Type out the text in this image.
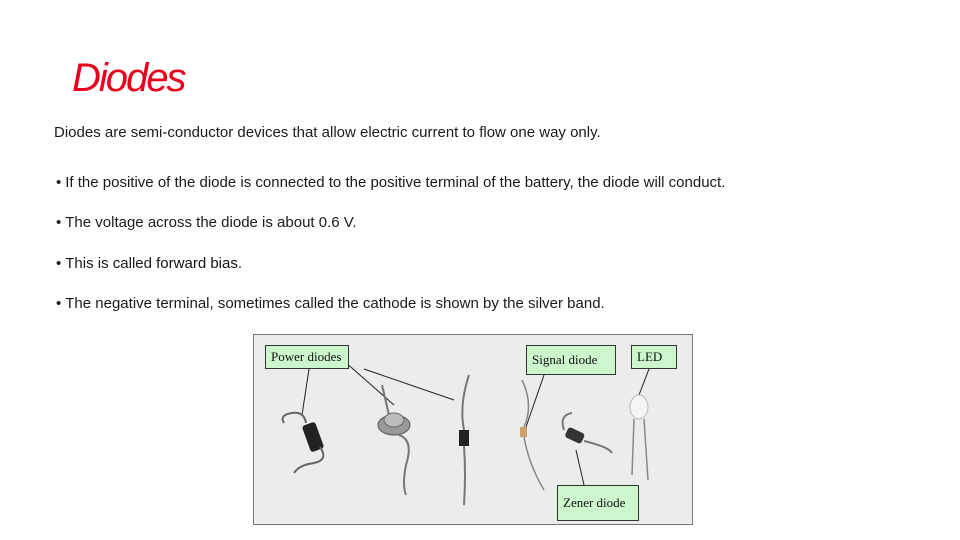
Diodes

Diodes are semi-conductor devices that allow electric current to flow one way only.

• If the positive of the diode is connected to the positive terminal of the battery, the diode will conduct.

• The voltage across the diode is about 0.6 V.

• This is called forward bias.

• The negative terminal, sometimes called the cathode is shown by the silver band.

Power diodes	Signal diode	LED
Zener diode
